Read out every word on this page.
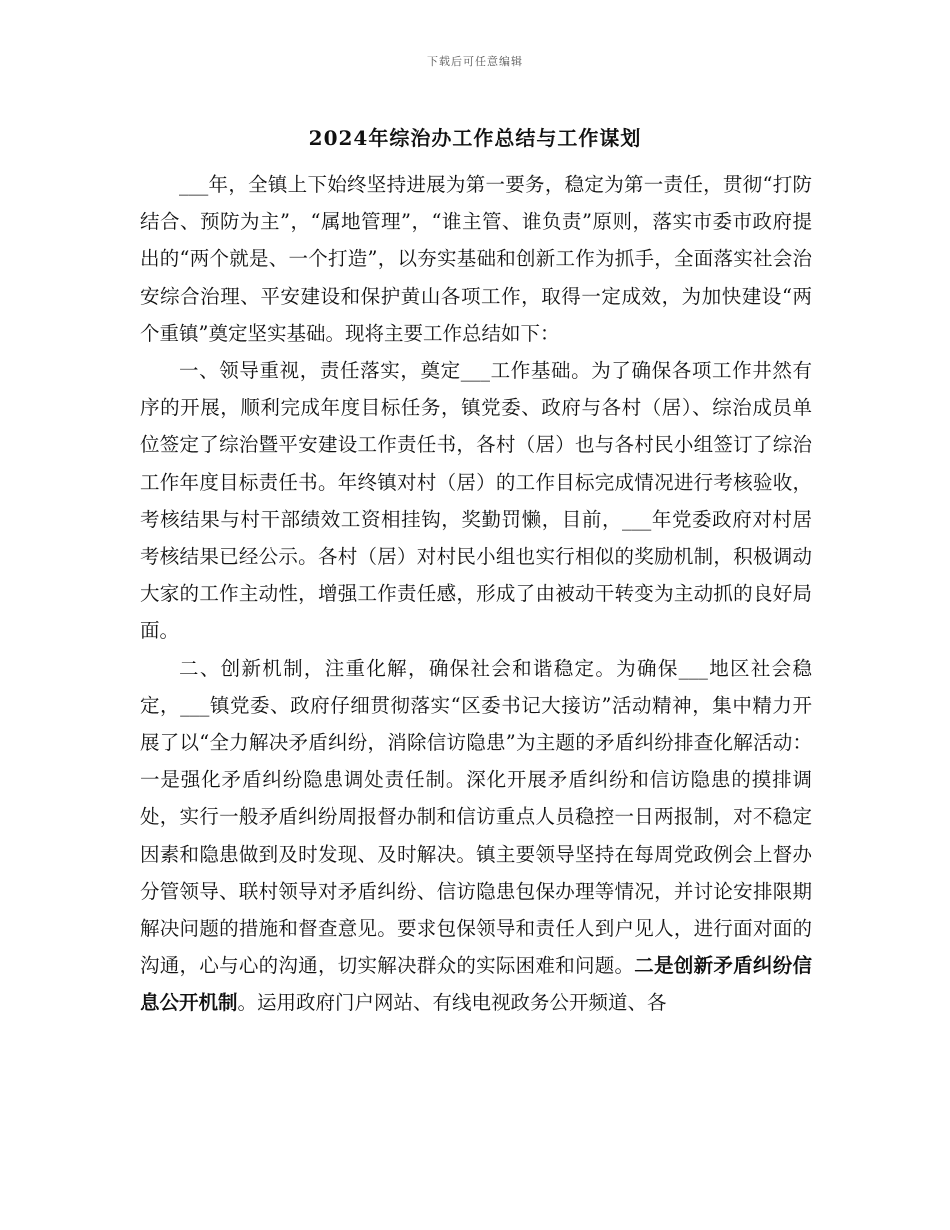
下载后可任意编辑
2024年综治办工作总结与工作谋划

___年，全镇上下始终坚持进展为第一要务，稳定为第一责任，贯彻“打防结合、预防为主”，“属地管理”，“谁主管、谁负责”原则，落实市委市政府提出的“两个就是、一个打造”，以夯实基础和创新工作为抓手，全面落实社会治安综合治理、平安建设和保护黄山各项工作，取得一定成效，为加快建设“两个重镇”奠定坚实基础。现将主要工作总结如下：

一、领导重视，责任落实，奠定___工作基础。为了确保各项工作井然有序的开展，顺利完成年度目标任务，镇党委、政府与各村（居）、综治成员单位签定了综治暨平安建设工作责任书，各村（居）也与各村民小组签订了综治工作年度目标责任书。年终镇对村（居）的工作目标完成情况进行考核验收，考核结果与村干部绩效工资相挂钩，奖勤罚懒，目前，___年党委政府对村居考核结果已经公示。各村（居）对村民小组也实行相似的奖励机制，积极调动大家的工作主动性，增强工作责任感，形成了由被动干转变为主动抓的良好局面。

二、创新机制，注重化解，确保社会和谐稳定。为确保___地区社会稳定，___镇党委、政府仔细贯彻落实“区委书记大接访”活动精神，集中精力开展了以“全力解决矛盾纠纷，消除信访隐患”为主题的矛盾纠纷排查化解活动：一是强化矛盾纠纷隐患调处责任制。深化开展矛盾纠纷和信访隐患的摸排调处，实行一般矛盾纠纷周报督办制和信访重点人员稳控一日两报制，对不稳定因素和隐患做到及时发现、及时解决。镇主要领导坚持在每周党政例会上督办分管领导、联村领导对矛盾纠纷、信访隐患包保办理等情况，并讨论安排限期解决问题的措施和督查意见。要求包保领导和责任人到户见人，进行面对面的沟通，心与心的沟通，切实解决群众的实际困难和问题。二是创新矛盾纠纷信息公开机制。运用政府门户网站、有线电视政务公开频道、各
